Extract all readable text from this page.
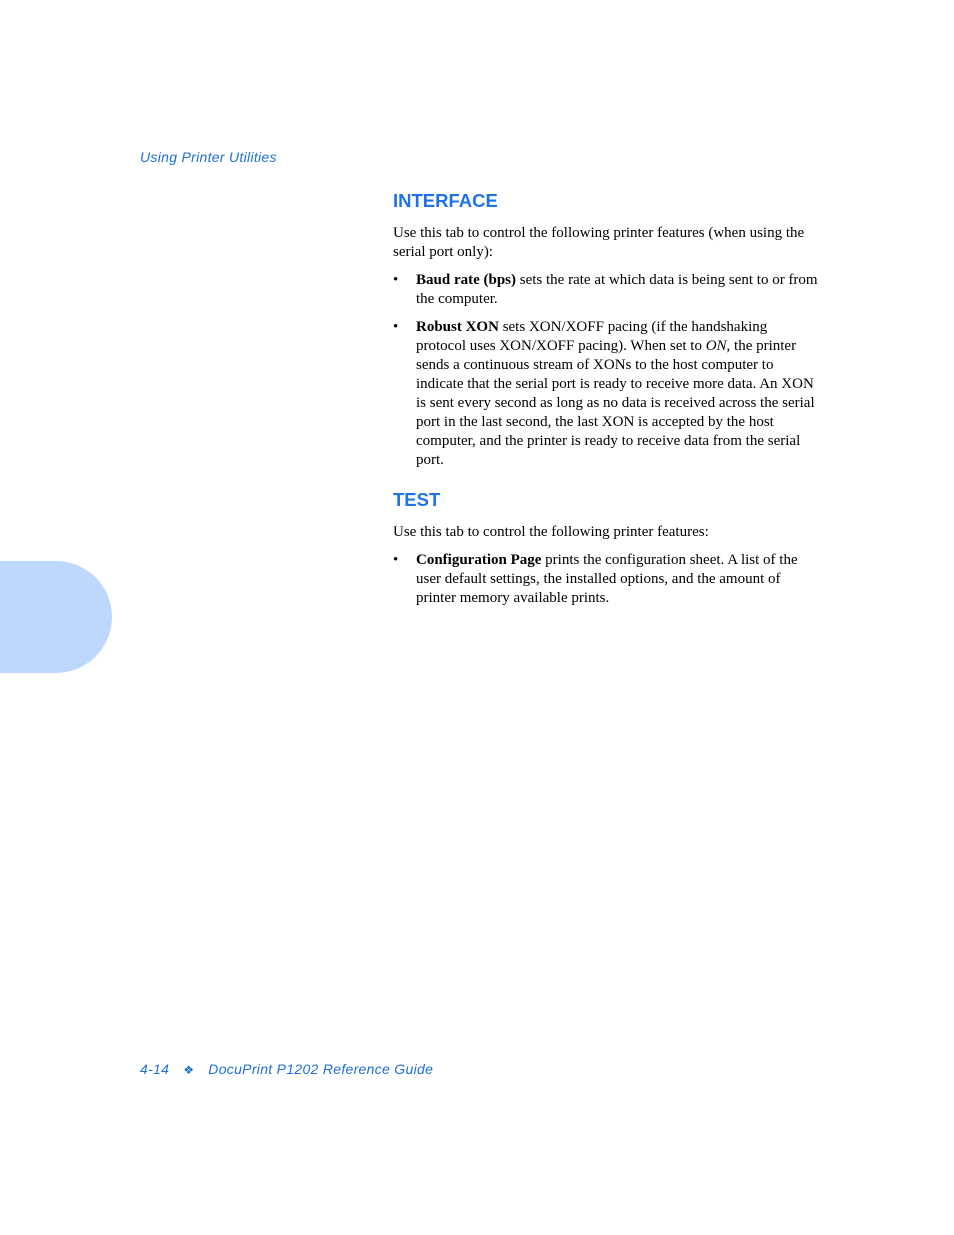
Using Printer Utilities
INTERFACE

Use this tab to control the following printer features (when using the serial port only):

• Baud rate (bps) sets the rate at which data is being sent to or from the computer.
• Robust XON sets XON/XOFF pacing (if the handshaking protocol uses XON/XOFF pacing). When set to ON, the printer sends a continuous stream of XONs to the host computer to indicate that the serial port is ready to receive more data. An XON is sent every second as long as no data is received across the serial port in the last second, the last XON is accepted by the host computer, and the printer is ready to receive data from the serial port.
TEST

Use this tab to control the following printer features:

• Configuration Page prints the configuration sheet. A list of the user default settings, the installed options, and the amount of printer memory available prints.
4-14 ❖ DocuPrint P1202 Reference Guide
